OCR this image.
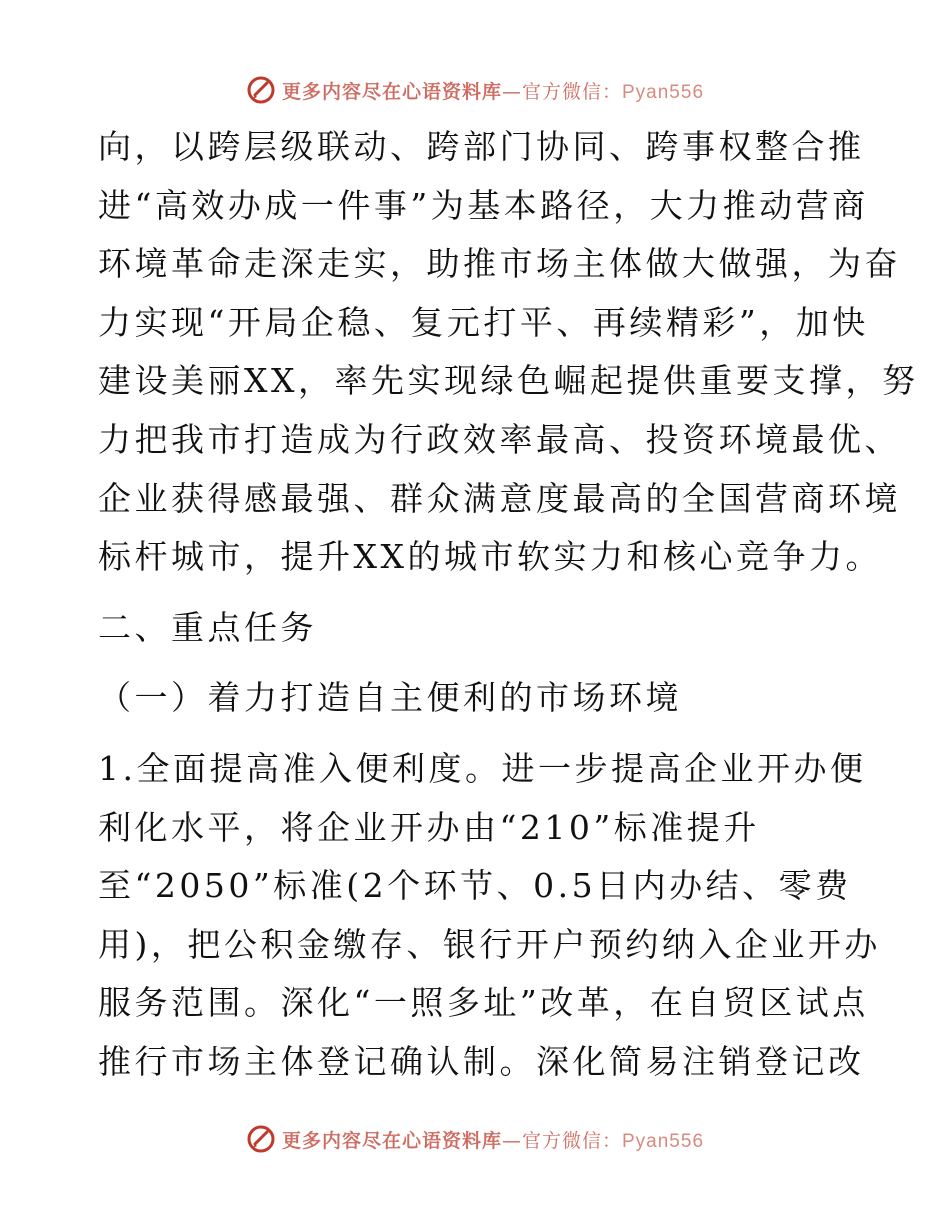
更多内容尽在心语资料库—官方微信：Pyan556
向，以跨层级联动、跨部门协同、跨事权整合推
进“高效办成一件事”为基本路径，大力推动营商
环境革命走深走实，助推市场主体做大做强，为奋
力实现“开局企稳、复元打平、再续精彩”，加快
建设美丽XX，率先实现绿色崛起提供重要支撑，努
力把我市打造成为行政效率最高、投资环境最优、
企业获得感最强、群众满意度最高的全国营商环境
标杆城市，提升XX的城市软实力和核心竞争力。
二、重点任务
（一）着力打造自主便利的市场环境
1.全面提高准入便利度。进一步提高企业开办便
利化水平，将企业开办由“210”标准提升
至“2050”标准(2个环节、0.5日内办结、零费
用)，把公积金缴存、银行开户预约纳入企业开办
服务范围。深化“一照多址”改革，在自贸区试点
推行市场主体登记确认制。深化简易注销登记改
更多内容尽在心语资料库—官方微信：Pyan556
